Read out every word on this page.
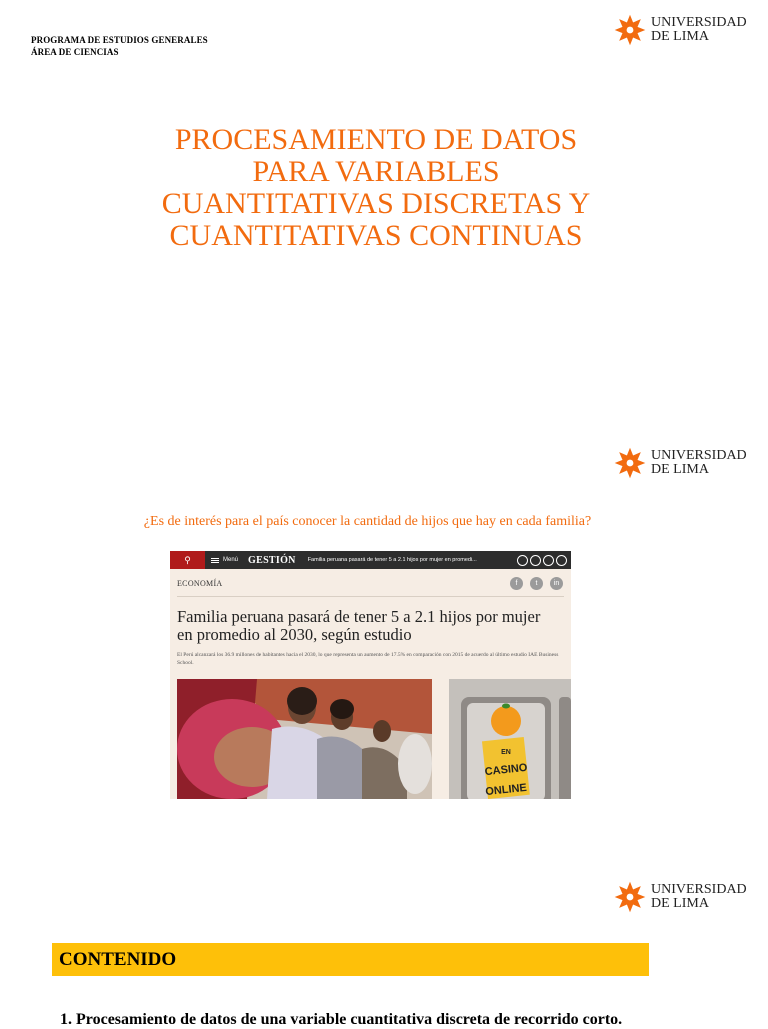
PROGRAMA DE ESTUDIOS GENERALES
ÁREA DE CIENCIAS
UNIVERSIDAD
DE LIMA
PROCESAMIENTO DE DATOS
PARA VARIABLES
CUANTITATIVAS DISCRETAS Y
CUANTITATIVAS CONTINUAS
UNIVERSIDAD
DE LIMA
¿Es de interés para el país conocer la cantidad de hijos que hay en cada familia?
⚲	Menú GESTIÓN Familia peruana pasará de tener 5 a 2.1 hijos por mujer en promedi...
ECONOMÍA	f	t	in
Familia peruana pasará de tener 5 a 2.1 hijos por mujer en promedio al 2030, según estudio
El Perú alcanzará los 36.9 millones de habitantes hacia el 2030, lo que representa un aumento de 17.5% en comparación con 2015 de acuerdo al último estudio IAE Business School.
EN
CASINO
ONLINE
UNIVERSIDAD
DE LIMA
CONTENIDO
1. Procesamiento de datos de una variable cuantitativa discreta de recorrido corto.
